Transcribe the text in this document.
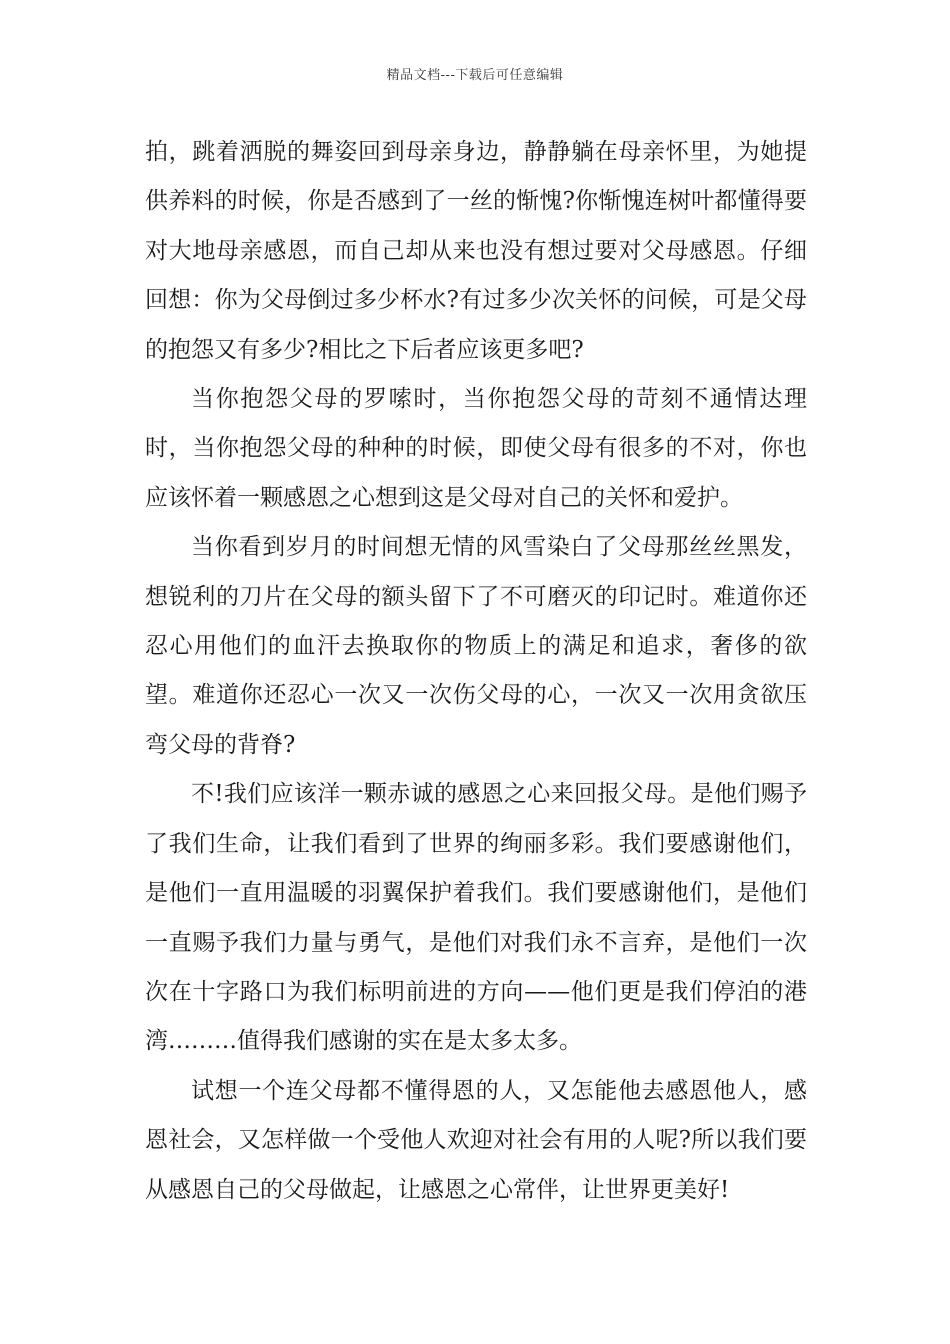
精品文档---下载后可任意编辑

拍，跳着洒脱的舞姿回到母亲身边，静静躺在母亲怀里，为她提供养料的时候，你是否感到了一丝的惭愧?你惭愧连树叶都懂得要对大地母亲感恩，而自己却从来也没有想过要对父母感恩。仔细回想：你为父母倒过多少杯水?有过多少次关怀的问候，可是父母的抱怨又有多少?相比之下后者应该更多吧?

当你抱怨父母的罗嗦时，当你抱怨父母的苛刻不通情达理时，当你抱怨父母的种种的时候，即使父母有很多的不对，你也应该怀着一颗感恩之心想到这是父母对自己的关怀和爱护。

当你看到岁月的时间想无情的风雪染白了父母那丝丝黑发，想锐利的刀片在父母的额头留下了不可磨灭的印记时。难道你还忍心用他们的血汗去换取你的物质上的满足和追求，奢侈的欲望。难道你还忍心一次又一次伤父母的心，一次又一次用贪欲压弯父母的背脊?

不!我们应该洋一颗赤诚的感恩之心来回报父母。是他们赐予了我们生命，让我们看到了世界的绚丽多彩。我们要感谢他们，是他们一直用温暖的羽翼保护着我们。我们要感谢他们，是他们一直赐予我们力量与勇气，是他们对我们永不言弃，是他们一次次在十字路口为我们标明前进的方向——他们更是我们停泊的港湾………值得我们感谢的实在是太多太多。

试想一个连父母都不懂得恩的人，又怎能他去感恩他人，感恩社会，又怎样做一个受他人欢迎对社会有用的人呢?所以我们要从感恩自己的父母做起，让感恩之心常伴，让世界更美好!
